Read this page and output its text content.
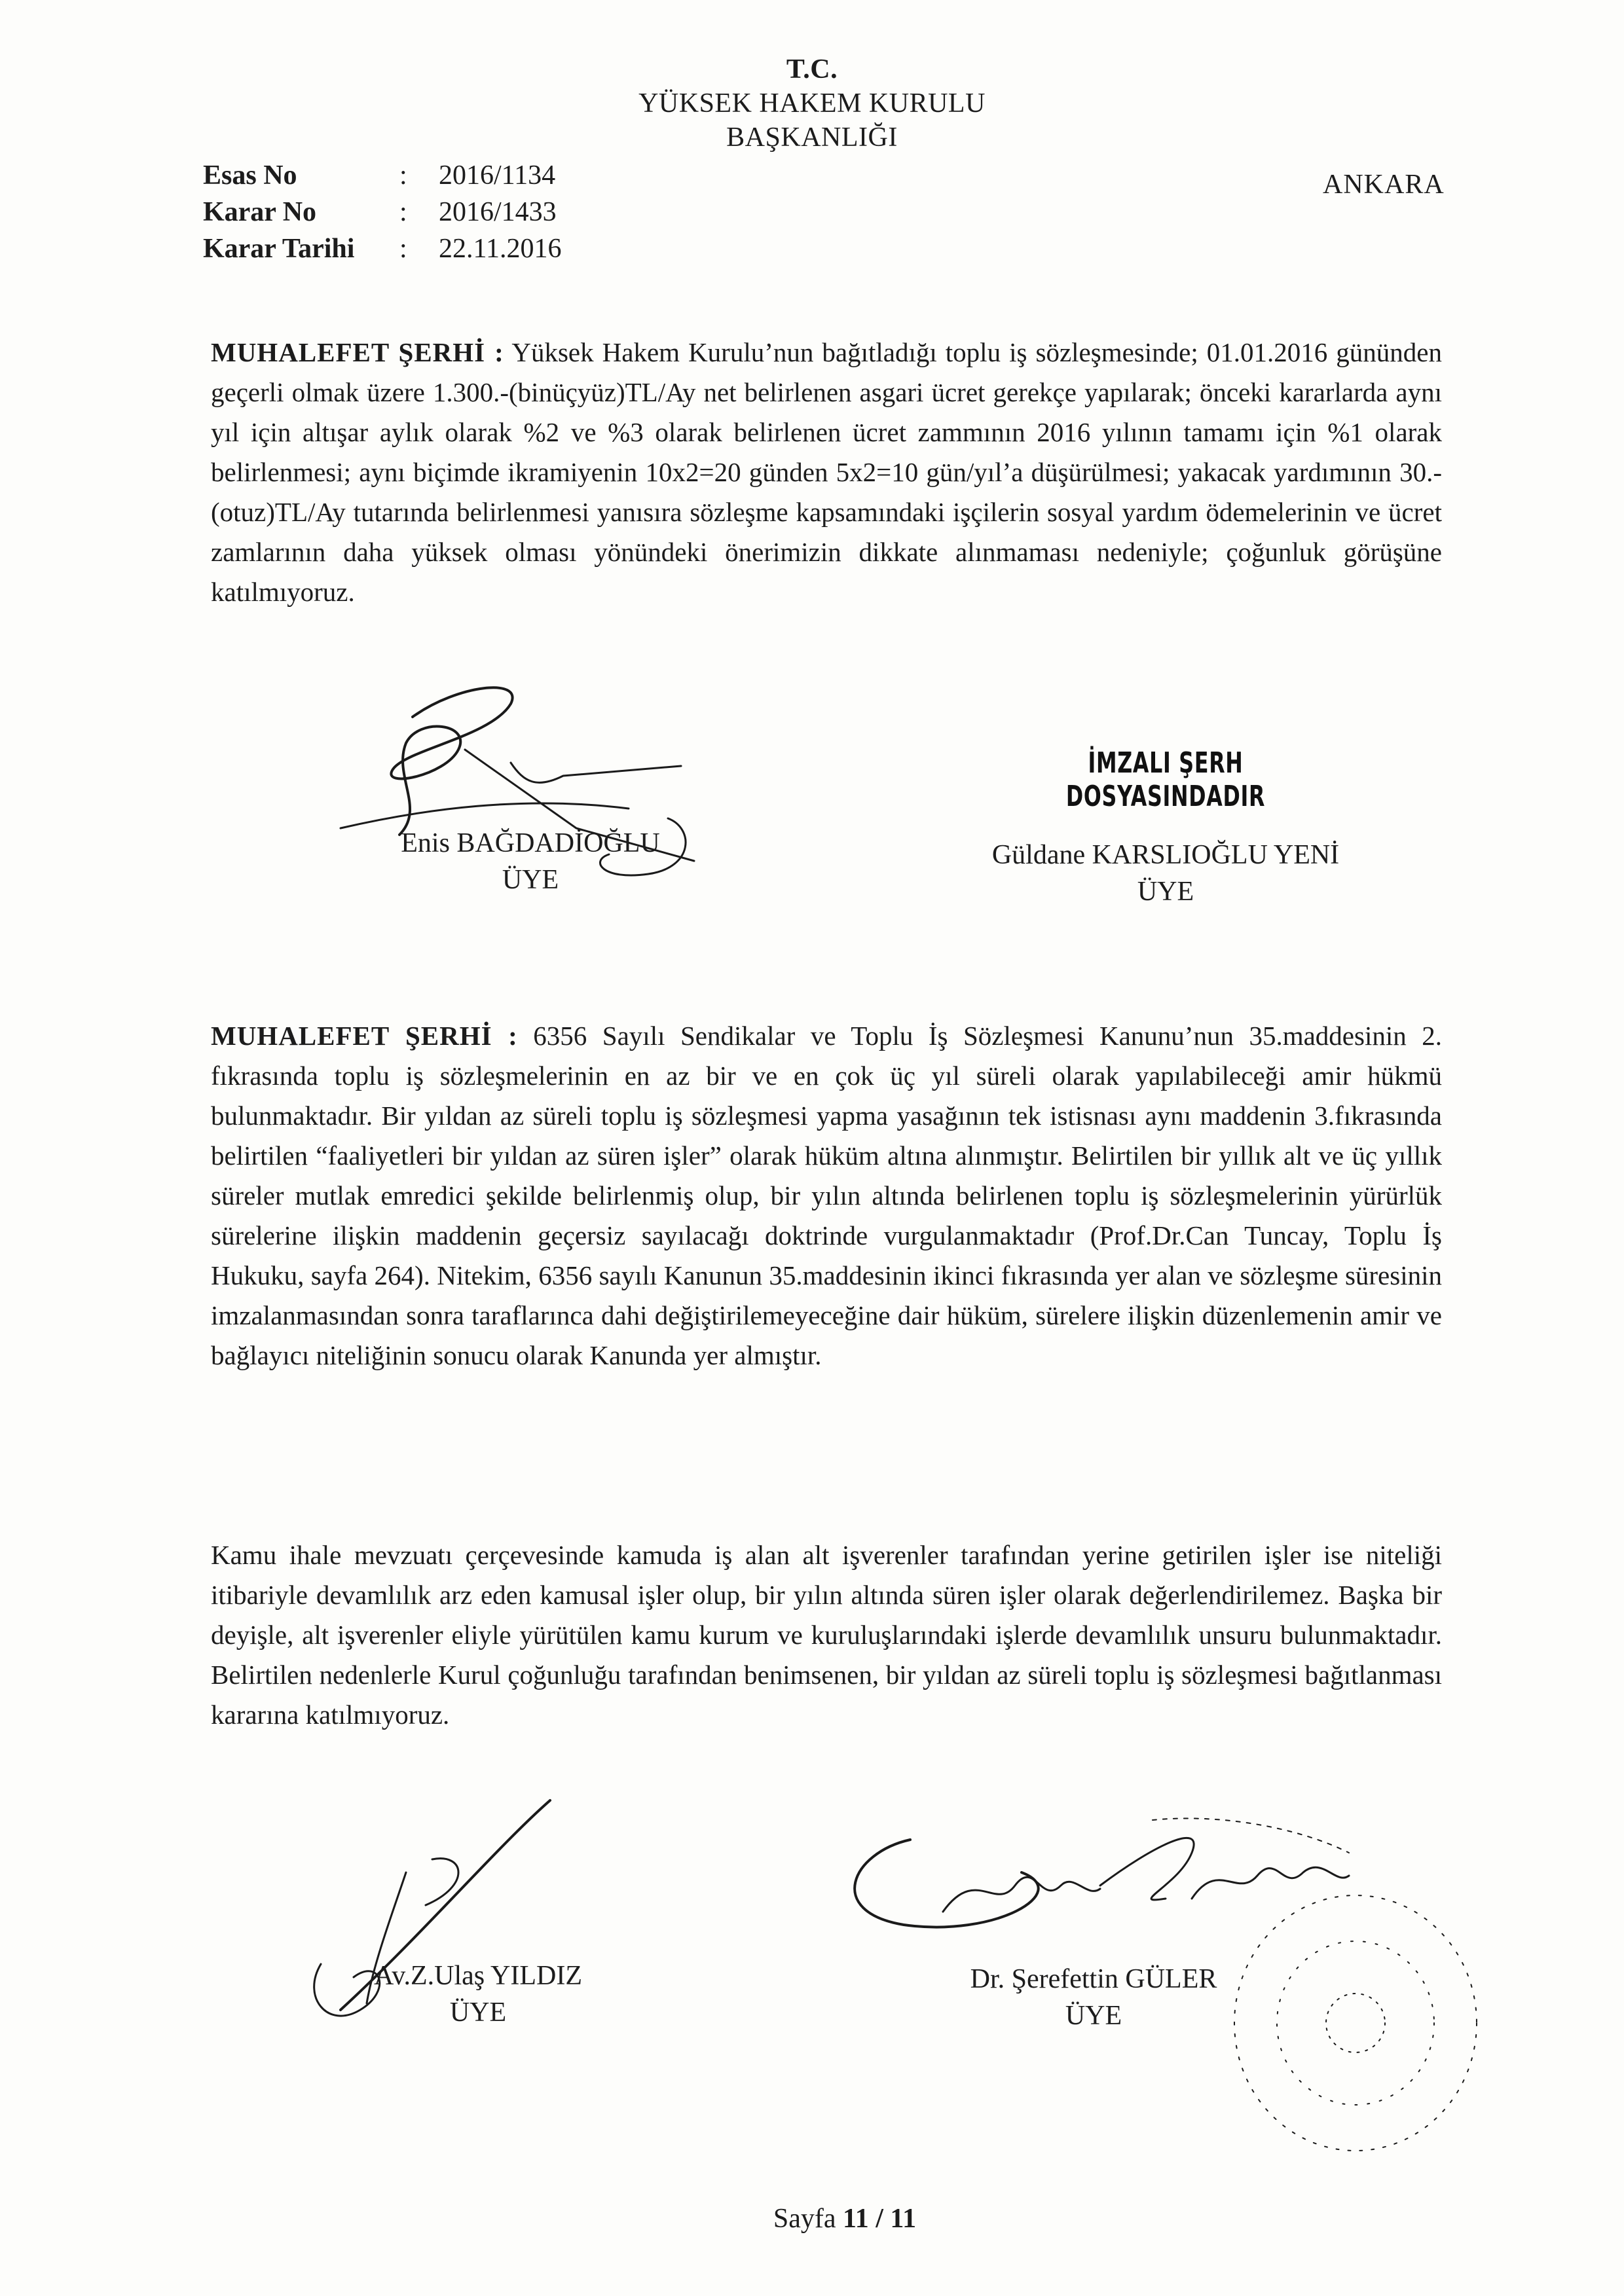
T.C.
YÜKSEK HAKEM KURULU
BAŞKANLIĞI
Esas No	:	2016/1134
Karar No	:	2016/1433
Karar Tarihi	:	22.11.2016
ANKARA
MUHALEFET ŞERHİ : Yüksek Hakem Kurulu’nun bağıtladığı toplu iş sözleşmesinde; 01.01.2016 gününden geçerli olmak üzere 1.300.-(binüçyüz)TL/Ay net belirlenen asgari ücret gerekçe yapılarak; önceki kararlarda aynı yıl için altışar aylık olarak %2 ve %3 olarak belirlenen ücret zammının 2016 yılının tamamı için %1 olarak belirlenmesi; aynı biçimde ikramiyenin 10x2=20 günden 5x2=10 gün/yıl’a düşürülmesi; yakacak yardımının 30.-(otuz)TL/Ay tutarında belirlenmesi yanısıra sözleşme kapsamındaki işçilerin sosyal yardım ödemelerinin ve ücret zamlarının daha yüksek olması yönündeki önerimizin dikkate alınmaması nedeniyle; çoğunluk görüşüne katılmıyoruz.
Enis BAĞDADİOĞLU
ÜYE
İMZALI ŞERH DOSYASINDADIR
Güldane KARSLIOĞLU YENİ
ÜYE
MUHALEFET ŞERHİ : 6356 Sayılı Sendikalar ve Toplu İş Sözleşmesi Kanunu’nun 35.maddesinin 2. fıkrasında toplu iş sözleşmelerinin en az bir ve en çok üç yıl süreli olarak yapılabileceği amir hükmü bulunmaktadır. Bir yıldan az süreli toplu iş sözleşmesi yapma yasağının tek istisnası aynı maddenin 3.fıkrasında belirtilen “faaliyetleri bir yıldan az süren işler” olarak hüküm altına alınmıştır. Belirtilen bir yıllık alt ve üç yıllık süreler mutlak emredici şekilde belirlenmiş olup, bir yılın altında belirlenen toplu iş sözleşmelerinin yürürlük sürelerine ilişkin maddenin geçersiz sayılacağı doktrinde vurgulanmaktadır (Prof.Dr.Can Tuncay, Toplu İş Hukuku, sayfa 264). Nitekim, 6356 sayılı Kanunun 35.maddesinin ikinci fıkrasında yer alan ve sözleşme süresinin imzalanmasından sonra taraflarınca dahi değiştirilemeyeceğine dair hüküm, sürelere ilişkin düzenlemenin amir ve bağlayıcı niteliğinin sonucu olarak Kanunda yer almıştır.
Kamu ihale mevzuatı çerçevesinde kamuda iş alan alt işverenler tarafından yerine getirilen işler ise niteliği itibariyle devamlılık arz eden kamusal işler olup, bir yılın altında süren işler olarak değerlendirilemez. Başka bir deyişle, alt işverenler eliyle yürütülen kamu kurum ve kuruluşlarındaki işlerde devamlılık unsuru bulunmaktadır. Belirtilen nedenlerle Kurul çoğunluğu tarafından benimsenen, bir yıldan az süreli toplu iş sözleşmesi bağıtlanması kararına katılmıyoruz.
Av.Z.Ulaş YILDIZ
ÜYE
Dr. Şerefettin GÜLER
ÜYE
Sayfa 11 / 11
